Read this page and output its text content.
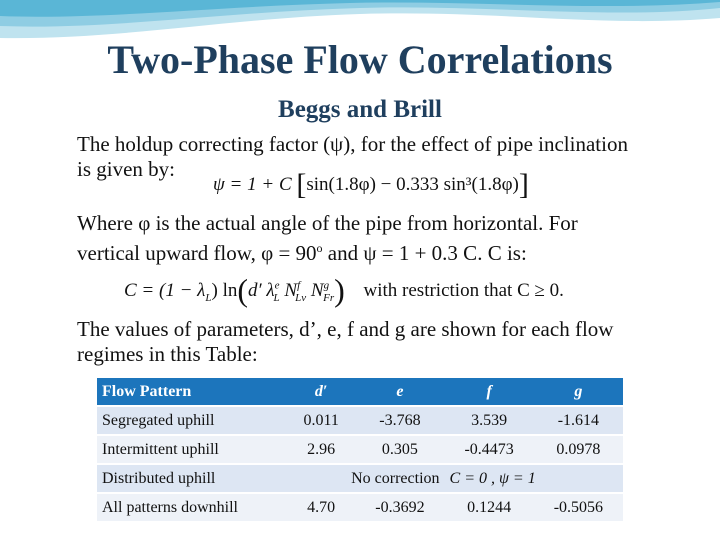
Two-Phase Flow Correlations
Beggs and Brill
The holdup correcting factor (ψ), for the effect of pipe inclination
is given by:
ψ = 1 + C [sin(1.8φ) − 0.333 sin³(1.8φ)]
Where φ is the actual angle of the pipe from horizontal. For
vertical upward flow, $\varphi = 90^o$ and ψ = 1 + 0.3 C. C is:
$C = (1 - \lambda_L)$ ln(d′ $\lambda^e_L$ $N^f_{Lv}$ $N^g_{Fr}$) with restriction that C ≥ 0.
The values of parameters, d’, e, f and g are shown for each flow
regimes in this Table:
Flow Pattern	d′	e	f	g
Segregated uphill	0.011	-3.768	3.539	-1.614
Intermittent uphill	2.96	0.305	-0.4473	0.0978
Distributed uphill	No correction		C = 0 , ψ = 1	
All patterns downhill	4.70	-0.3692	0.1244	-0.5056
